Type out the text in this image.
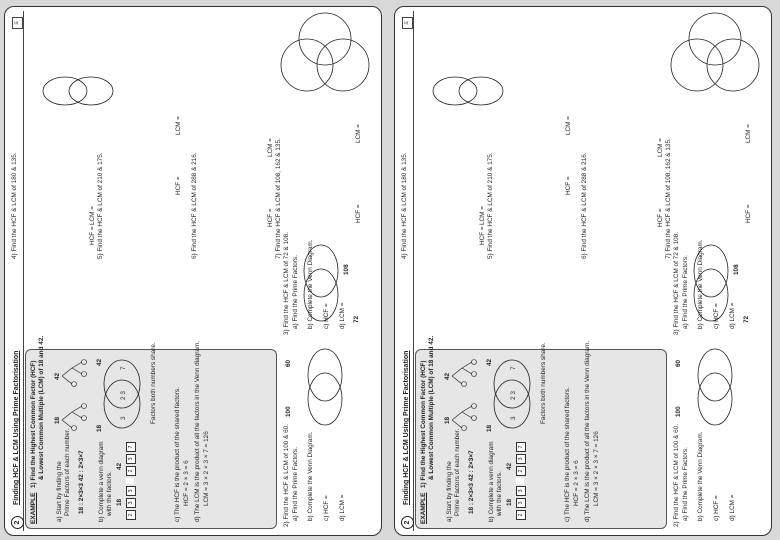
2
Finding HCF & LCM Using Prime Factorisation
≡
EXAMPLE
1) Find the Highest Common Factor (HCF) & Lowest Common Multiple (LCM) of 18 and 42.
a) Start by finding the Prime Factors of each number.
18
42
18 : 2×3×3 42 : 2×3×7 b) Complete a venn diagram with the factors. 18
42
2
3
3
2
3
7
18
42
3
2 3
7	Factors both numbers share.
c) The HCF is the product of the shared factors. HCF = 2 × 3 = 6 d) The LCM is the product of all the factors in the Venn diagram. LCM = 3 × 2 × 3 × 7 = 126	2) Find the HCF & LCM of 100 & 60. a) Find the Prime Factors. b) Complete the Venn Diagram. c) HCF = d) LCM =
100
60
3) Find the HCF & LCM of 72 & 108. a) Find the Prime Factors. b) Complete the Venn Diagram. c) HCF = d) LCM = 72
108
4) Find the HCF & LCM of 180 & 135.	HCF =
LCM = 5) Find the HCF & LCM of 210 & 175.	HCF =
LCM =
6) Find the HCF & LCM of 288 & 216.	HCF =
LCM = 7) Find the HCF & LCM of 108, 162 & 135.	HCF =
LCM =
2
Finding HCF & LCM Using Prime Factorisation
≡
EXAMPLE
1) Find the Highest Common Factor (HCF) & Lowest Common Multiple (LCM) of 18 and 42.
a) Start by finding the Prime Factors of each number.
18
42
18 : 2×3×3 42 : 2×3×7 b) Complete a venn diagram with the factors. 18
42
2
3
3
2
3
7
18
42
3
2 3
7	Factors both numbers share.
c) The HCF is the product of the shared factors. HCF = 2 × 3 = 6 d) The LCM is the product of all the factors in the Venn diagram. LCM = 3 × 2 × 3 × 7 = 126	2) Find the HCF & LCM of 100 & 60. a) Find the Prime Factors. b) Complete the Venn Diagram. c) HCF = d) LCM =
100
60
3) Find the HCF & LCM of 72 & 108. a) Find the Prime Factors. b) Complete the Venn Diagram. c) HCF = d) LCM = 72
108
4) Find the HCF & LCM of 180 & 135.	HCF =
LCM = 5) Find the HCF & LCM of 210 & 175.	HCF =
LCM =
6) Find the HCF & LCM of 288 & 216.	HCF =
LCM = 7) Find the HCF & LCM of 108, 162 & 135.	HCF =
LCM =
